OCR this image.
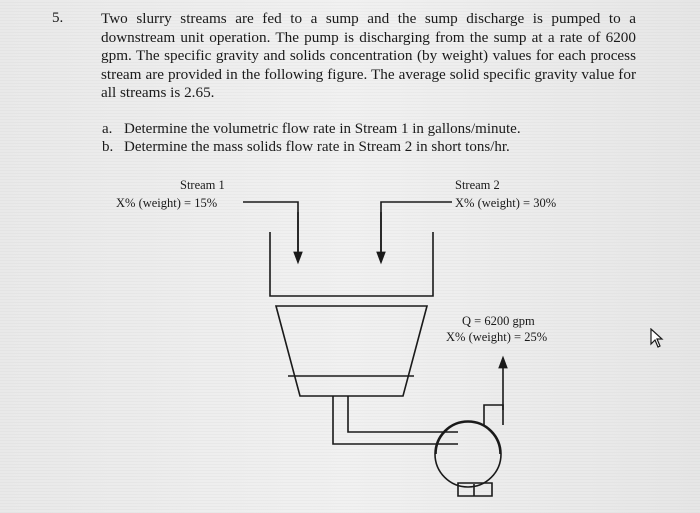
5. Two slurry streams are fed to a sump and the sump discharge is pumped to a downstream unit operation. The pump is discharging from the sump at a rate of 6200 gpm. The specific gravity and solids concentration (by weight) values for each process stream are provided in the following figure. The average solid specific gravity value for all streams is 2.65.

a. Determine the volumetric flow rate in Stream 1 in gallons/minute.
b. Determine the mass solids flow rate in Stream 2 in short tons/hr.
Stream 1
X% (weight) = 15%
Stream 2
X% (weight) = 30%
Q = 6200 gpm
X% (weight) = 25%
